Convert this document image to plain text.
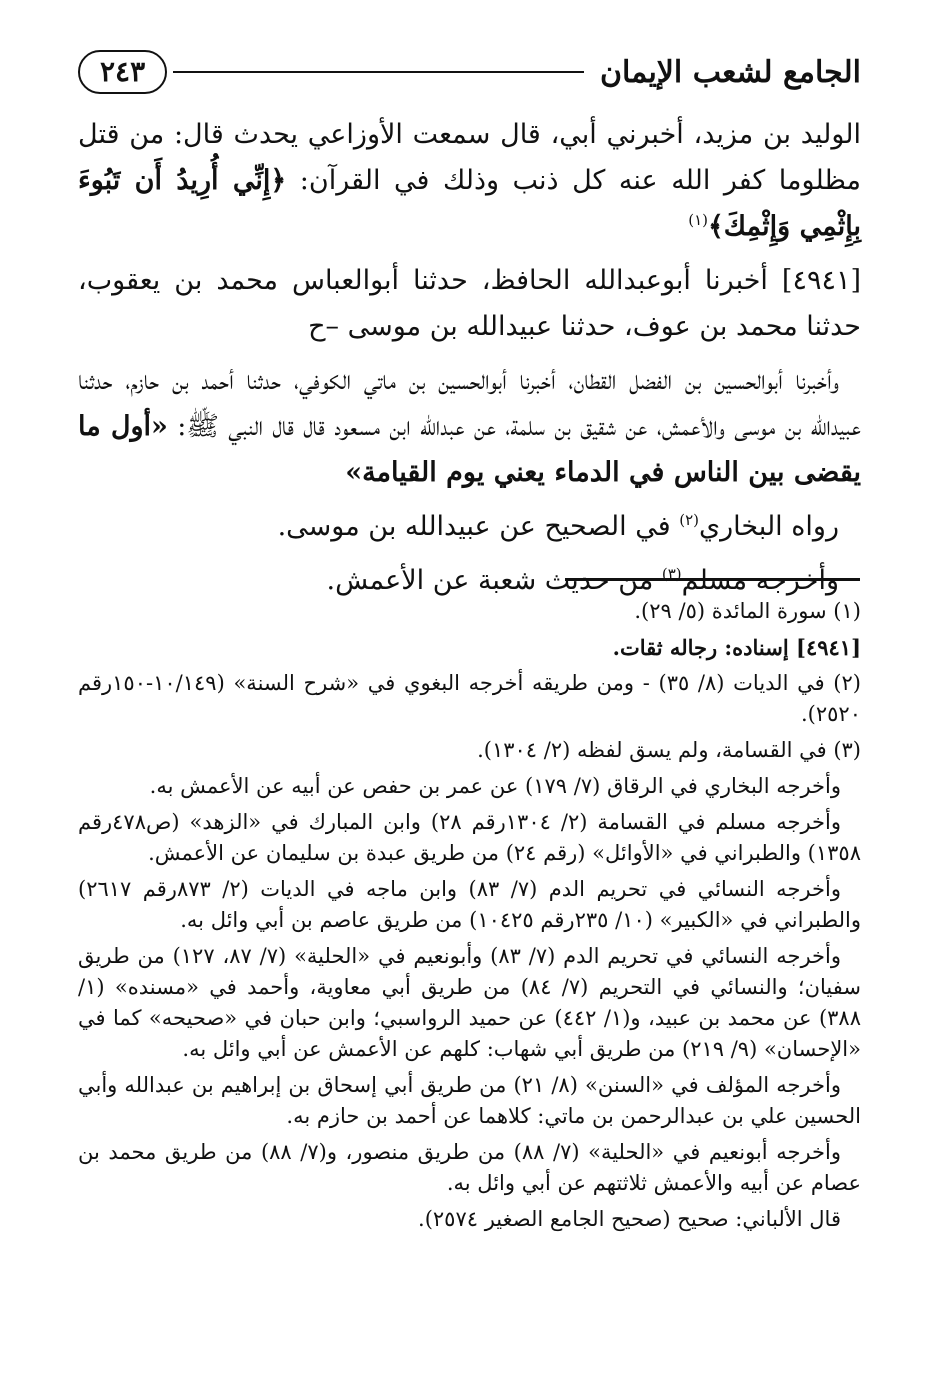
الجامع لشعب الإيمان
٢٤٣

الوليد بن مزيد، أخبرني أبي، قال سمعت الأوزاعي يحدث قال: من قتل مظلوما كفر الله عنه كل ذنب وذلك في القرآن: ﴿إِنِّي أُرِيدُ أَن تَبُوءَ بِإِثْمِي وَإِثْمِكَ﴾$^{(١)}$

[٤٩٤١] أخبرنا أبوعبدالله الحافظ، حدثنا أبوالعباس محمد بن يعقوب، حدثنا محمد بن عوف، حدثنا عبيدالله بن موسى –ح

وأخبرنا أبوالحسين بن الفضل القطان، أخبرنا أبوالحسين بن ماتي الكوفي، حدثنا أحمد بن حازم، حدثنا عبيدالله بن موسى والأعمش، عن شقيق بن سلمة، عن عبدالله ابن مسعود قال قال النبي ﷺ: «أول ما يقضى بين الناس في الدماء يعني يوم القيامة»

رواه البخاري$^{(٢)}$ في الصحيح عن عبيدالله بن موسى.

وأخرجه مسلم$^{(٣)}$ من حديث شعبة عن الأعمش.

(١) سورة المائدة (٥/ ٢٩).

[٤٩٤١] إسناده: رجاله ثقات.

(٢) في الديات (٨/ ٣٥) - ومن طريقه أخرجه البغوي في «شرح السنة» (١٠/١٤٩-١٥٠رقم ٢٥٢٠).

(٣) في القسامة، ولم يسق لفظه (٢/ ١٣٠٤).

وأخرجه البخاري في الرقاق (٧/ ١٧٩) عن عمر بن حفص عن أبيه عن الأعمش به.

وأخرجه مسلم في القسامة (٢/ ١٣٠٤رقم ٢٨) وابن المبارك في «الزهد» (ص٤٧٨رقم ١٣٥٨) والطبراني في «الأوائل» (رقم ٢٤) من طريق عبدة بن سليمان عن الأعمش.

وأخرجه النسائي في تحريم الدم (٧/ ٨٣) وابن ماجه في الديات (٢/ ٨٧٣رقم ٢٦١٧) والطبراني في «الكبير» (١٠/ ٢٣٥رقم ١٠٤٢٥) من طريق عاصم بن أبي وائل به.

وأخرجه النسائي في تحريم الدم (٧/ ٨٣) وأبونعيم في «الحلية» (٧/ ٨٧، ١٢٧) من طريق سفيان؛ والنسائي في التحريم (٧/ ٨٤) من طريق أبي معاوية، وأحمد في «مسنده» (١/ ٣٨٨) عن محمد بن عبيد، و(١/ ٤٤٢) عن حميد الرواسبي؛ وابن حبان في «صحيحه» كما في «الإحسان» (٩/ ٢١٩) من طريق أبي شهاب: كلهم عن الأعمش عن أبي وائل به.

وأخرجه المؤلف في «السنن» (٨/ ٢١) من طريق أبي إسحاق بن إبراهيم بن عبدالله وأبي الحسين علي بن عبدالرحمن بن ماتي: كلاهما عن أحمد بن حازم به.

وأخرجه أبونعيم في «الحلية» (٧/ ٨٨) من طريق منصور، و(٧/ ٨٨) من طريق محمد بن عصام عن أبيه والأعمش ثلاثتهم عن أبي وائل به.

قال الألباني: صحيح (صحيح الجامع الصغير ٢٥٧٤).
